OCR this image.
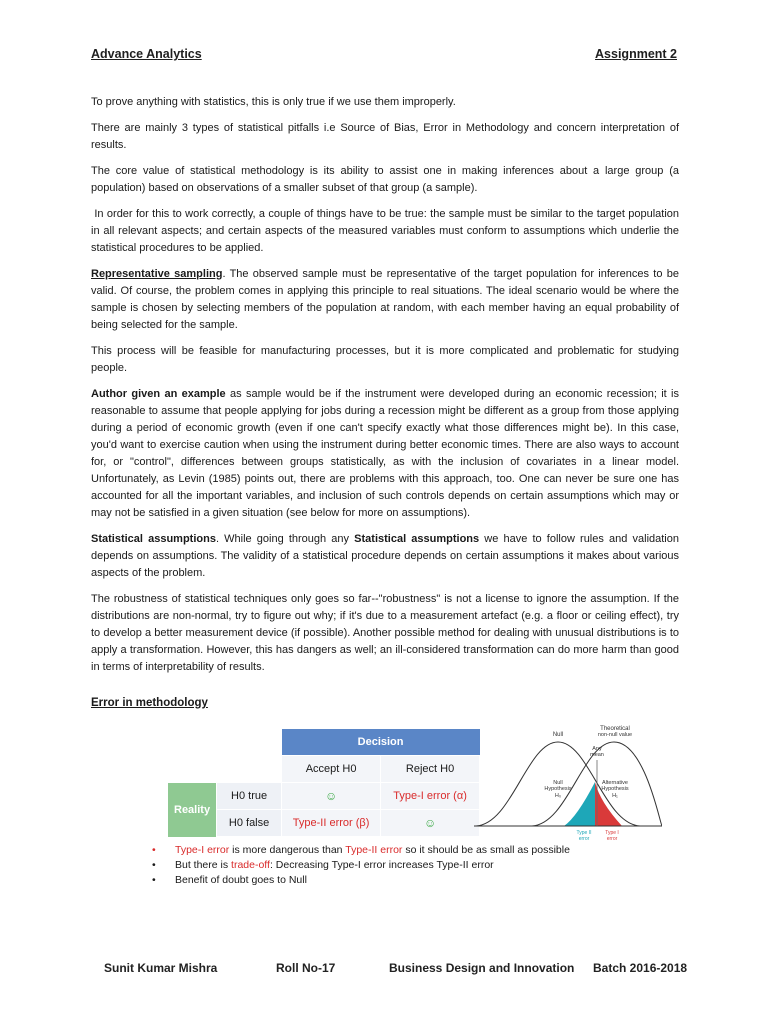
Advance Analytics	Assignment 2

To prove anything with statistics, this is only true if we use them improperly.

There are mainly 3 types of statistical pitfalls i.e Source of Bias, Error in Methodology and concern interpretation of results.

The core value of statistical methodology is its ability to assist one in making inferences about a large group (a population) based on observations of a smaller subset of that group (a sample).

In order for this to work correctly, a couple of things have to be true: the sample must be similar to the target population in all relevant aspects; and certain aspects of the measured variables must conform to assumptions which underlie the statistical procedures to be applied.

Representative sampling. The observed sample must be representative of the target population for inferences to be valid. Of course, the problem comes in applying this principle to real situations. The ideal scenario would be where the sample is chosen by selecting members of the population at random, with each member having an equal probability of being selected for the sample.

This process will be feasible for manufacturing processes, but it is more complicated and problematic for studying people.

Author given an example as sample would be if the instrument were developed during an economic recession; it is reasonable to assume that people applying for jobs during a recession might be different as a group from those applying during a period of economic growth (even if one can't specify exactly what those differences might be). In this case, you'd want to exercise caution when using the instrument during better economic times. There are also ways to account for, or "control", differences between groups statistically, as with the inclusion of covariates in a linear model. Unfortunately, as Levin (1985) points out, there are problems with this approach, too. One can never be sure one has accounted for all the important variables, and inclusion of such controls depends on certain assumptions which may or may not be satisfied in a given situation (see below for more on assumptions).

Statistical assumptions. While going through any Statistical assumptions we have to follow rules and validation depends on assumptions. The validity of a statistical procedure depends on certain assumptions it makes about various aspects of the problem.

The robustness of statistical techniques only goes so far--"robustness" is not a license to ignore the assumption. If the distributions are non-normal, try to figure out why; if it's due to a measurement artefact (e.g. a floor or ceiling effect), try to develop a better measurement device (if possible). Another possible method for dealing with unusual distributions is to apply a transformation. However, this has dangers as well; an ill-considered transformation can do more harm than good in terms of interpretability of results.

Error in methodology
		Decision	
		Accept H0	Reject H0
Reality	H0 true	☺	Type-I error (α)
	H0 false	Type-II error (β)	☺
Null
Theoretical
non-null value
Any
mean
Null
Hypothesis
H₀
Alternative
Hypothesis
H₁
Type II
error
Type I
error
• Type-I error is more dangerous than Type-II error so it should be as small as possible
• But there is trade-off: Decreasing Type-I error increases Type-II error
• Benefit of doubt goes to Null
Sunit Kumar Mishra	Roll No-17	Business Design and Innovation Batch 2016-2018
